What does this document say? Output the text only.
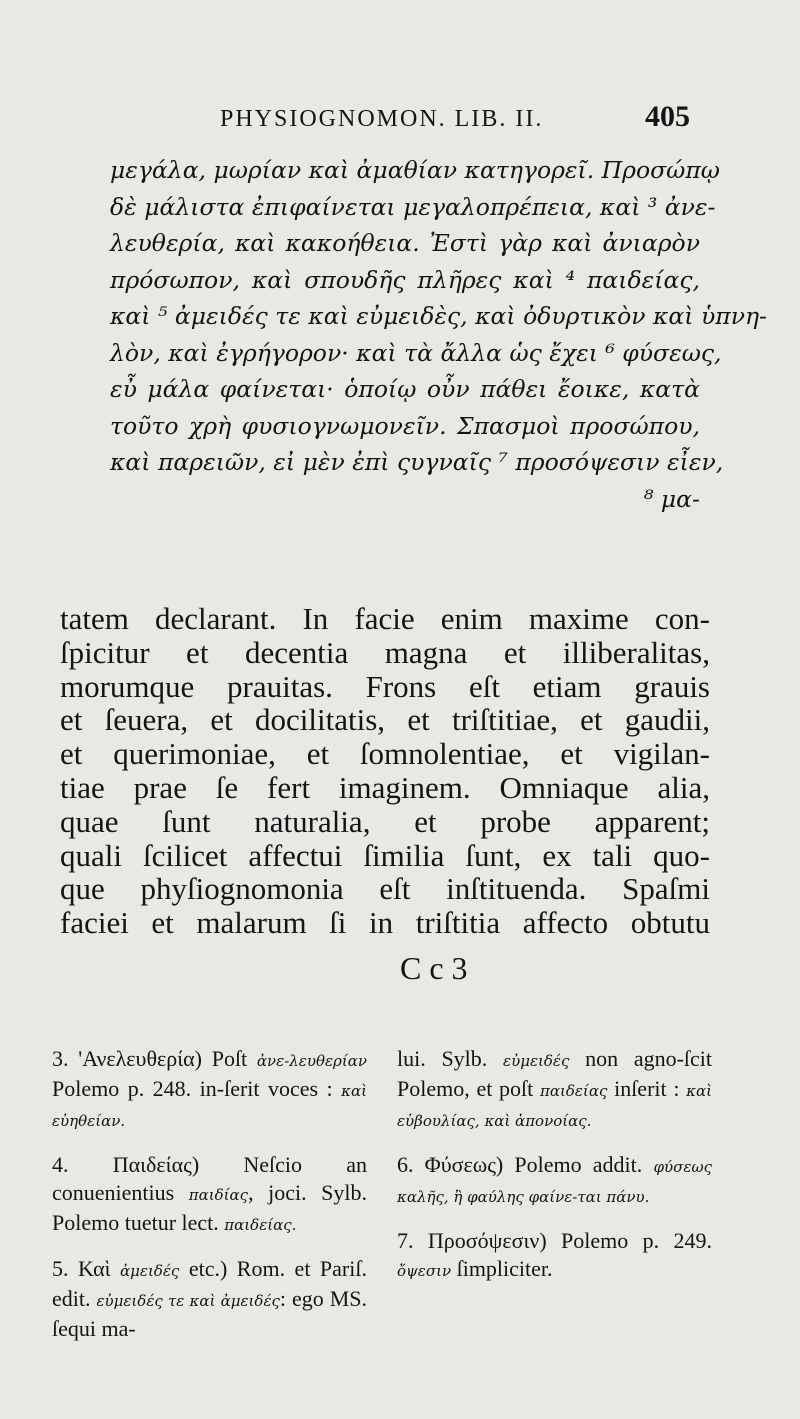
PHYSIOGNOMON. LIB. II.	405
μεγάλα, μωρίαν καὶ ἀμαθίαν κατηγορεῖ. Προσώπῳ
δὲ μάλιστα ἐπιφαίνεται μεγαλοπρέπεια, καὶ ³ ἀνε-
λευθερία, καὶ κακοήθεια. Ἐστὶ γὰρ καὶ ἀνιαρὸν
πρόσωπον, καὶ σπουδῆς πλῆρες καὶ ⁴ παιδείας,
καὶ ⁵ ἀμειδές τε καὶ εὐμειδὲς, καὶ ὀδυρτικὸν καὶ ὑπνη-
λὸν, καὶ ἐγρήγορον· καὶ τὰ ἄλλα ὡς ἔχει ⁶ φύσεως,
εὖ μάλα φαίνεται· ὁποίῳ οὖν πάθει ἔοικε, κατὰ
τοῦτο χρὴ φυσιογνωμονεῖν. Σπασμοὶ προσώπου,
καὶ παρειῶν, εἰ μὲν ἐπὶ ςυγναῖς ⁷ προσόψεσιν εἶεν,
⁸ μα-
tatem declarant. In facie enim maxime con-
ſpicitur et decentia magna et illiberalitas,
morumque prauitas. Frons eſt etiam grauis
et ſeuera, et docilitatis, et triſtitiae, et gaudii,
et querimoniae, et ſomnolentiae, et vigilan-
tiae prae ſe fert imaginem. Omniaque alia,
quae ſunt naturalia, et probe apparent;
quali ſcilicet affectui ſimilia ſunt, ex tali quo-
que phyſiognomonia eſt inſtituenda. Spaſmi
faciei et malarum ſi in triſtitia affecto obtutu
C c 3

3. 'Ανελευθερία) Poſt ἀνε-λευθερίαν Polemo p. 248. in-ſerit voces : καὶ εὐηθείαν.

4. Παιδείας) Neſcio an conuenientius παιδίας, joci. Sylb. Polemo tuetur lect. παιδείας.

5. Καὶ ἀμειδές etc.) Rom. et Pariſ. edit. εὐμειδές τε καὶ ἀμειδές: ego MS. ſequi ma-

lui. Sylb. εὐμειδές non agno-ſcit Polemo, et poſt παιδείας inſerit : καὶ εὐβουλίας, καὶ ἀπονοίας.

6. Φύσεως) Polemo addit. φύσεως καλῆς, ἢ φαύλης φαίνε-ται πάνυ.

7. Προσόψεσιν) Polemo p. 249. ὄψεσιν ſimpliciter.
